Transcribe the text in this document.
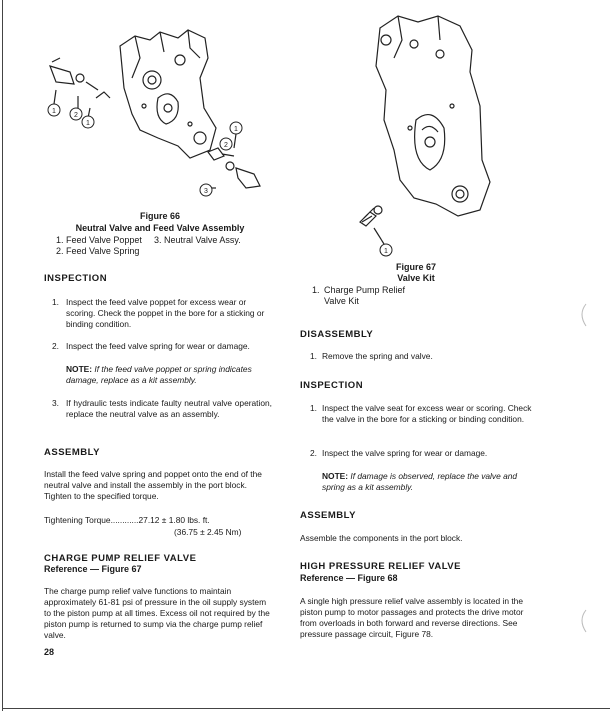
1
2
1
1
2
3
Figure 66
Neutral Valve and Feed Valve Assembly
1. Feed Valve Poppet 3. Neutral Valve Assy.
2. Feed Valve Spring
INSPECTION
1. Inspect the feed valve poppet for excess wear or scoring. Check the poppet in the bore for a sticking or binding condition.
2. Inspect the feed valve spring for wear or damage.
NOTE: If the feed valve poppet or spring indicates damage, replace as a kit assembly.
3. If hydraulic tests indicate faulty neutral valve operation, replace the neutral valve as an assembly.
ASSEMBLY
Install the feed valve spring and poppet onto the end of the neutral valve and install the assembly in the port block. Tighten to the specified torque.
Tightening Torque............27.12 ± 1.80 lbs. ft.
(36.75 ± 2.45 Nm)
CHARGE PUMP RELIEF VALVE
Reference — Figure 67
The charge pump relief valve functions to maintain approximately 61-81 psi of pressure in the oil supply system to the piston pump at all times. Excess oil not required by the piston pump is returned to sump via the charge pump relief valve.
28
1
Figure 67
Valve Kit
1. Charge Pump Relief Valve Kit
DISASSEMBLY
1. Remove the spring and valve.
INSPECTION
1. Inspect the valve seat for excess wear or scoring. Check the valve in the bore for a sticking or binding condition.
2. Inspect the valve spring for wear or damage.
NOTE: If damage is observed, replace the valve and spring as a kit assembly.
ASSEMBLY
Assemble the components in the port block.
HIGH PRESSURE RELIEF VALVE
Reference — Figure 68
A single high pressure relief valve assembly is located in the piston pump to motor passages and protects the drive motor from overloads in both forward and reverse directions. See pressure passage circuit, Figure 78.
